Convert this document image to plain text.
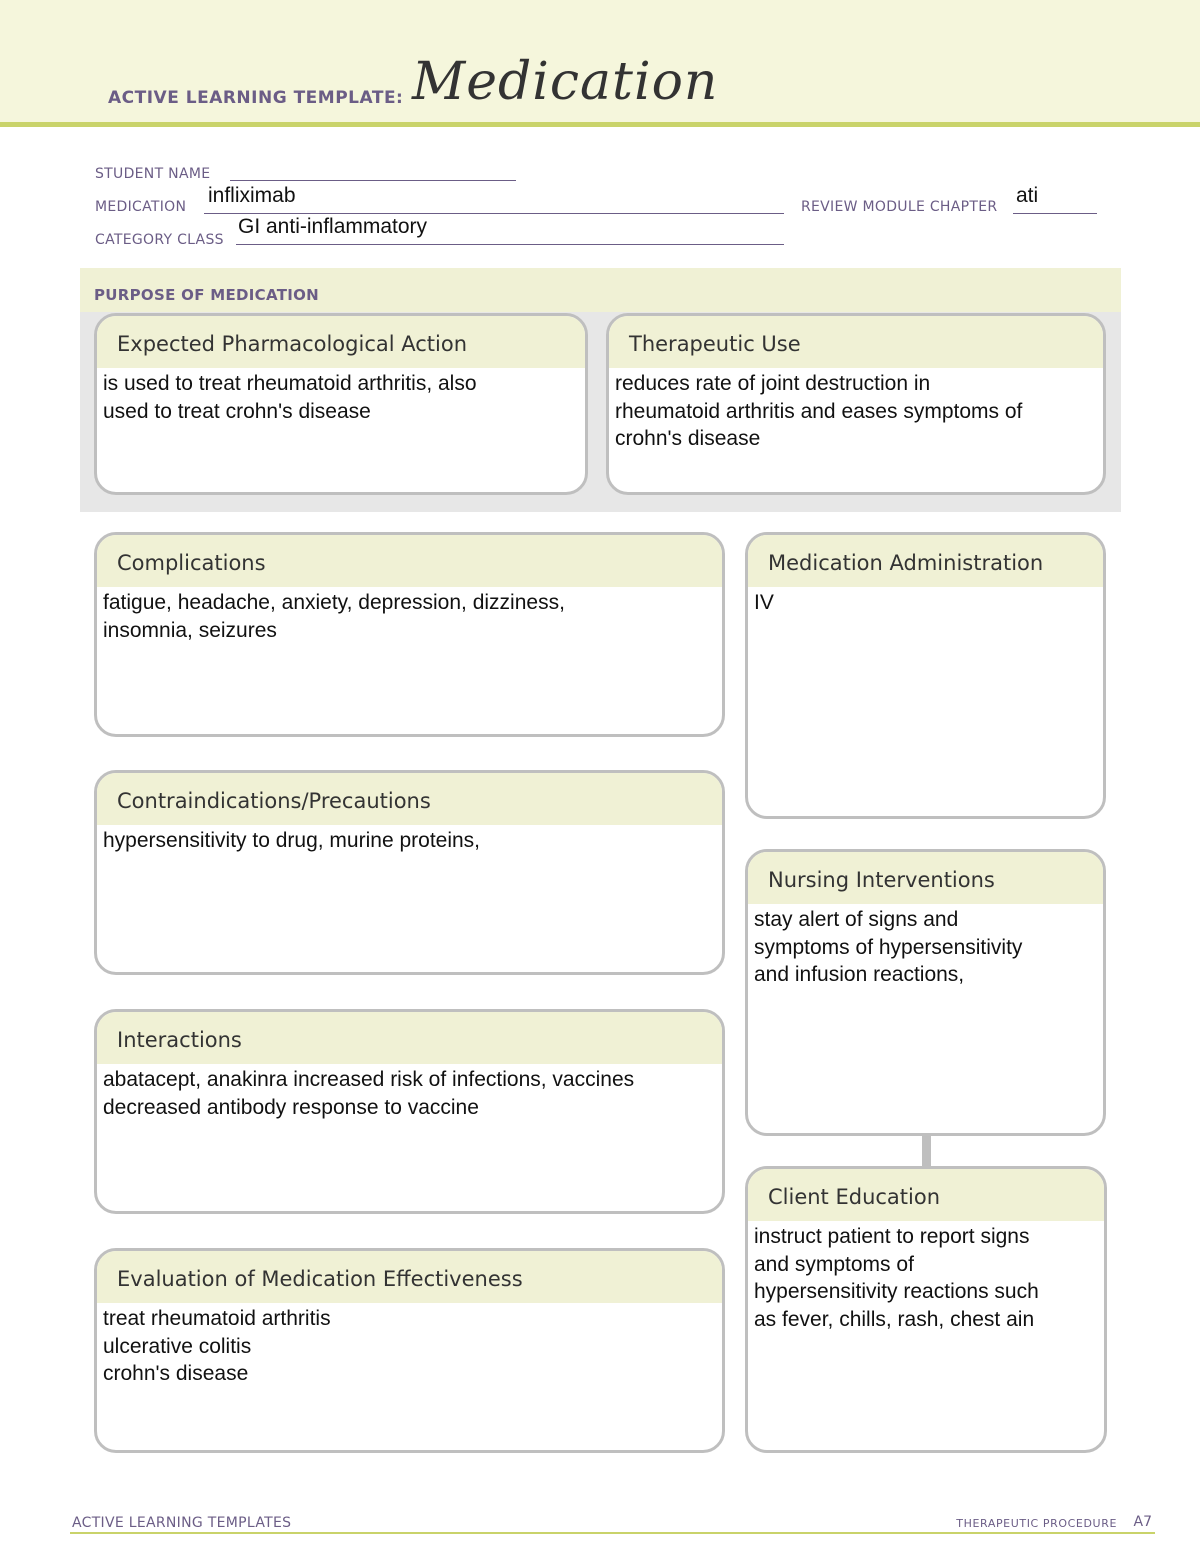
ACTIVE LEARNING TEMPLATE: Medication
STUDENT NAME
MEDICATION infliximab	REVIEW MODULE CHAPTER ati
CATEGORY CLASS
GI anti-inflammatory
PURPOSE OF MEDICATION
Expected Pharmacological Action
is used to treat rheumatoid arthritis, also
used to treat crohn's disease
Therapeutic Use
reduces rate of joint destruction in
rheumatoid arthritis and eases symptoms of
crohn's disease
Complications
fatigue, headache, anxiety, depression, dizziness,
insomnia, seizures
Contraindications/Precautions
hypersensitivity to drug, murine proteins,
Interactions
abatacept, anakinra increased risk of infections, vaccines
decreased antibody response to vaccine
Evaluation of Medication Effectiveness
treat rheumatoid arthritis
ulcerative colitis
crohn's disease
Medication Administration
IV
Nursing Interventions
stay alert of signs and
symptoms of hypersensitivity
and infusion reactions,
Client Education
instruct patient to report signs
and symptoms of
hypersensitivity reactions such
as fever, chills, rash, chest ain
ACTIVE LEARNING TEMPLATES	THERAPEUTIC PROCEDURE A7
